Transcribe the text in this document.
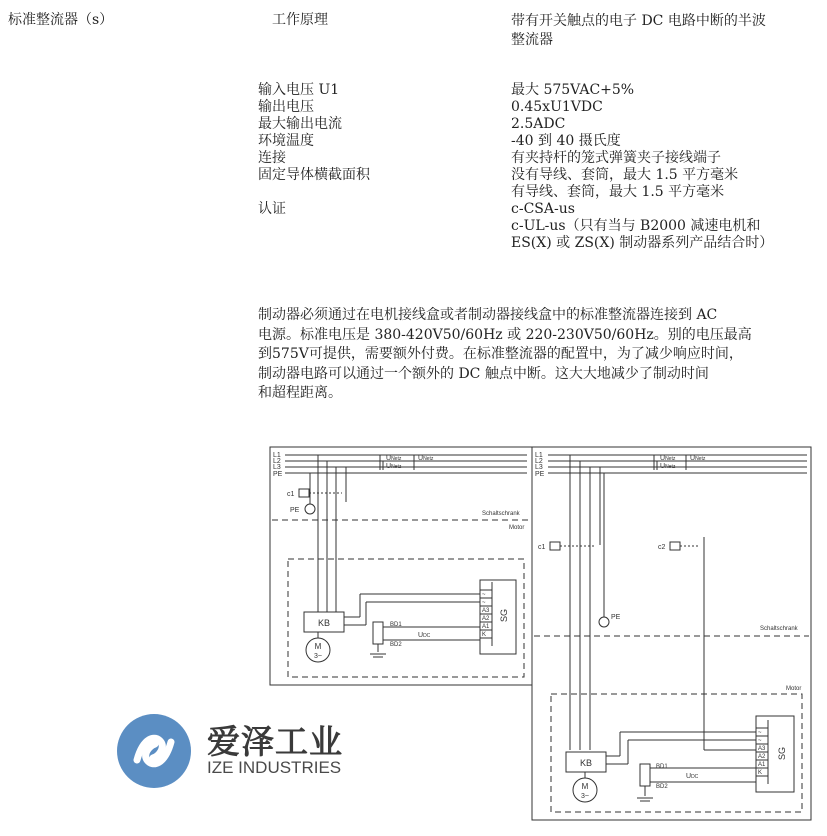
标准整流器（s）	工作原理	带有开关触点的电子 DC 电路中断的半波
整流器
输入电压 U1	最大 575VAC+5%
输出电压	0.45xU1VDC
最大输出电流	2.5ADC
环境温度	-40 到 40 摄氏度
连接	有夹持杆的笼式弹簧夹子接线端子
固定导体横截面积	没有导线、套筒，最大 1.5 平方毫米
有导线、套筒，最大 1.5 平方毫米
认证	c-CSA-us
c-UL-us（只有当与 B2000 减速电机和
ES(X) 或 ZS(X) 制动器系列产品结合时）
制动器必须通过在电机接线盒或者制动器接线盒中的标准整流器连接到 AC
电源。标准电压是 380-420V50/60Hz 或 220-230V50/60Hz。别的电压最高
到575V可提供，需要额外付费。在标准整流器的配置中，为了减少响应时间，
制动器电路可以通过一个额外的 DC 触点中断。这大大地减少了制动时间
和超程距离。
L1
L2
L3
PE
UNetz UNetz
UNetz
c1
PE	Schaltschrank
Motor
KB
M
3~
SG
~
~
A3
A2
A1
K
BD1
BD2
UDC
L1
L2
L3
PE
UNetz UNetz
UNetz
c1	c2
PE
Schaltschrank
Motor
KB
M
3~
SG
~
~
A3
A2
A1
K
BD1
BD2
UDC
爱泽工业
IZE INDUSTRIES
